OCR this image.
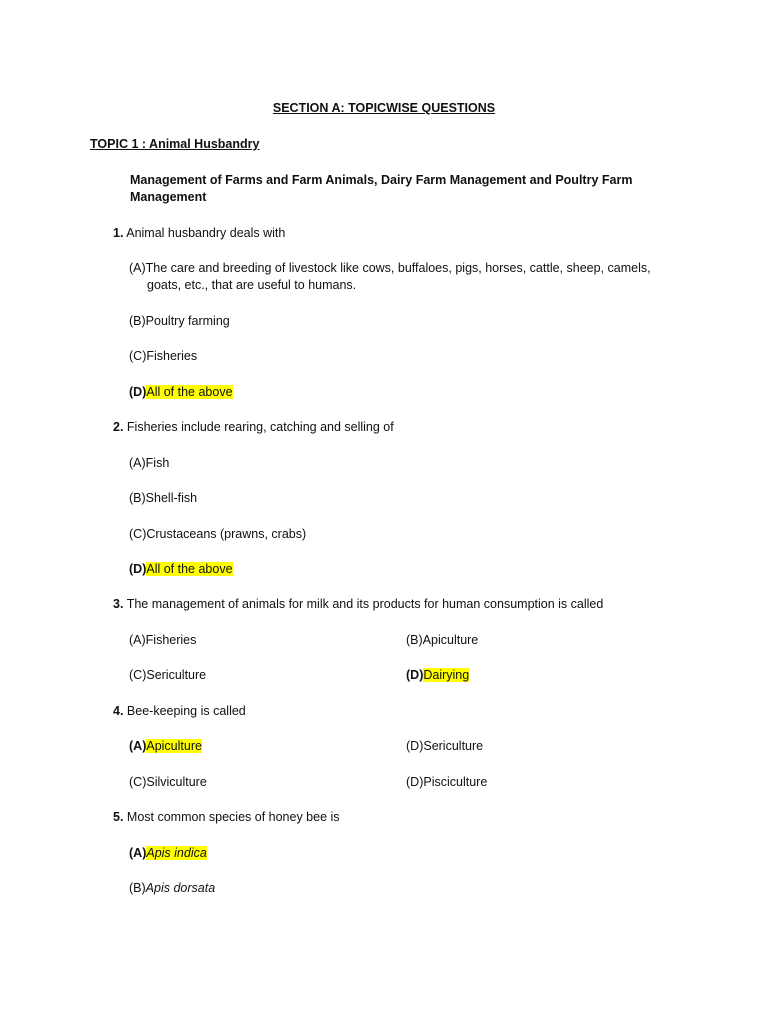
SECTION A: TOPICWISE QUESTIONS
TOPIC 1 : Animal Husbandry
Management of Farms and Farm Animals, Dairy Farm Management and Poultry Farm Management
1. Animal husbandry deals with
(A)The care and breeding of livestock like cows, buffaloes, pigs, horses, cattle, sheep, camels,
goats, etc., that are useful to humans.
(B)Poultry farming
(C)Fisheries
(D)All of the above
2. Fisheries include rearing, catching and selling of
(A)Fish
(B)Shell-fish
(C)Crustaceans (prawns, crabs)
(D)All of the above
3. The management of animals for milk and its products for human consumption is called
(A)Fisheries	(B)Apiculture
(C)Sericulture	(D)Dairying
4. Bee-keeping is called
(A)Apiculture	(D)Sericulture
(C)Silviculture	(D)Pisciculture
5. Most common species of honey bee is
(A)Apis indica
(B)Apis dorsata
